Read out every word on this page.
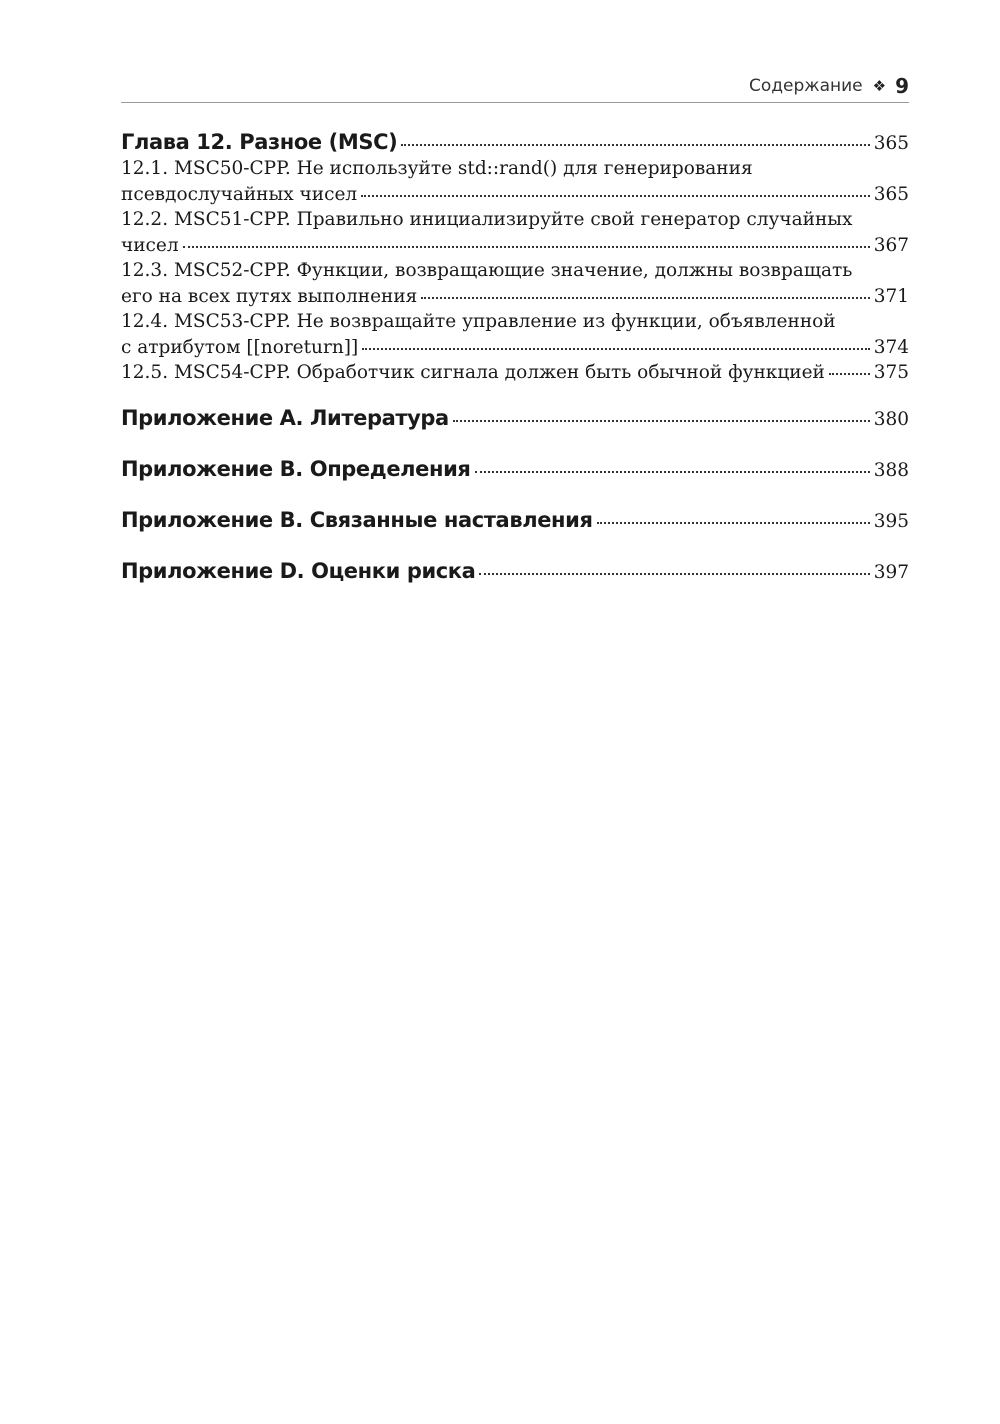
Содержание ❖ 9
Глава 12. Разное (MSC)	365
12.1. MSC50-CPP. Не используйте std::rand() для генерирования
псевдослучайных чисел	365
12.2. MSC51-CPP. Правильно инициализируйте свой генератор случайных
чисел	367
12.3. MSC52-CPP. Функции, возвращающие значение, должны возвращать
его на всех путях выполнения	371
12.4. MSC53-CPP. Не возвращайте управление из функции, объявленной
с атрибутом [[noreturn]]	374
12.5. MSC54-CPP. Обработчик сигнала должен быть обычной функцией	375
Приложение А. Литература	380
Приложение B. Определения	388
Приложение B. Связанные наставления	395
Приложение D. Оценки риска	397
